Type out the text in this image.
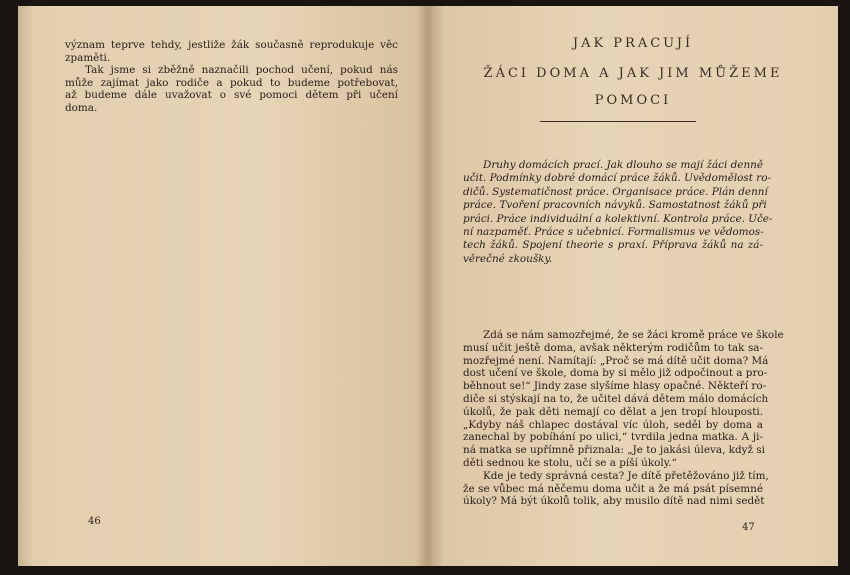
význam teprve tehdy, jestliže žák současně reprodukuje věc
zpaměti.
Tak jsme si zběžně naznačili pochod učení, pokud nás
může zajímat jako rodiče a pokud to budeme potřebovat,
až budeme dále uvažovat o své pomoci dětem při učení
doma.
46
JAK PRACUJÍ
ŽÁCI DOMA A JAK JIM MŮŽEME
POMOCI
Druhy domácích prací. Jak dlouho se mají žáci denně
učit. Podmínky dobré domácí práce žáků. Uvědomělost ro-
dičů. Systematičnost práce. Organisace práce. Plán denní
práce. Tvoření pracovních návyků. Samostatnost žáků při
práci. Práce individuální a kolektivní. Kontrola práce. Uče-
ní nazpaměť. Práce s učebnicí. Formalismus ve vědomos-
tech žáků. Spojení theorie s praxí. Příprava žáků na zá-
věrečné zkoušky.
Zdá se nám samozřejmé, že se žáci kromě práce ve škole
musí učit ještě doma, avšak některým rodičům to tak sa-
mozřejmé není. Namítají: „Proč se má dítě učit doma? Má
dost učení ve škole, doma by si mělo již odpočinout a pro-
běhnout se!“ Jindy zase slyšíme hlasy opačné. Někteří ro-
diče si stýskají na to, že učitel dává dětem málo domácích
úkolů, že pak děti nemají co dělat a jen tropí hlouposti.
„Kdyby náš chlapec dostával víc úloh, seděl by doma a
zanechal by pobíhání po ulici,“ tvrdila jedna matka. A ji-
ná matka se upřímně přiznala: „Je to jakási úleva, když si
děti sednou ke stolu, učí se a píší úkoly.“
Kde je tedy správná cesta? Je dítě přetěžováno již tím,
že se vůbec má něčemu doma učit a že má psát písemné
úkoly? Má být úkolů tolik, aby musilo dítě nad nimi sedět
47
